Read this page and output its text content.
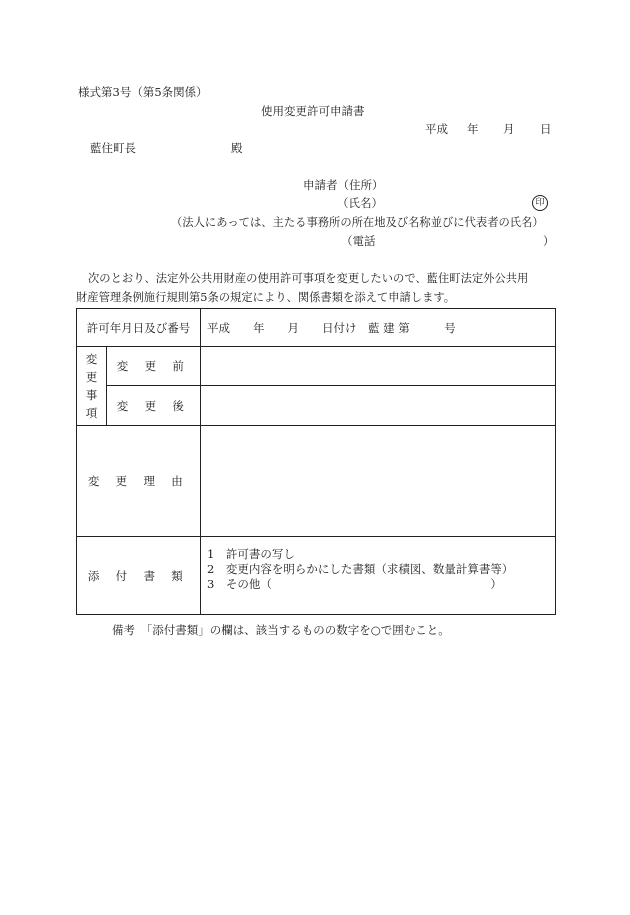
様式第3号（第5条関係）
使用変更許可申請書
平成 年 月 日
藍住町長	殿
申請者（住所）
（氏名）	印
（法人にあっては、主たる事務所の所在地及び名称並びに代表者の氏名）
（電話	）
次のとおり、法定外公共用財産の使用許可事項を変更したいので、藍住町法定外公共用
財産管理条例施行規則第5条の規定により、関係書類を添えて申請します。
許可年月日及び番号		平成　　年　　月　　日付け　藍 建 第　　　号

変
更
事
項	変 更 前	
	変 更 後	
変 更 理 由		
添 付 書 類		1　許可書の写し
2　変更内容を明らかにした書類（求積図、数量計算書等）
3　その他（　　　　　　　　　　　　　　　　　　　）
備考　「添付書類」の欄は、該当するものの数字を○で囲むこと。
